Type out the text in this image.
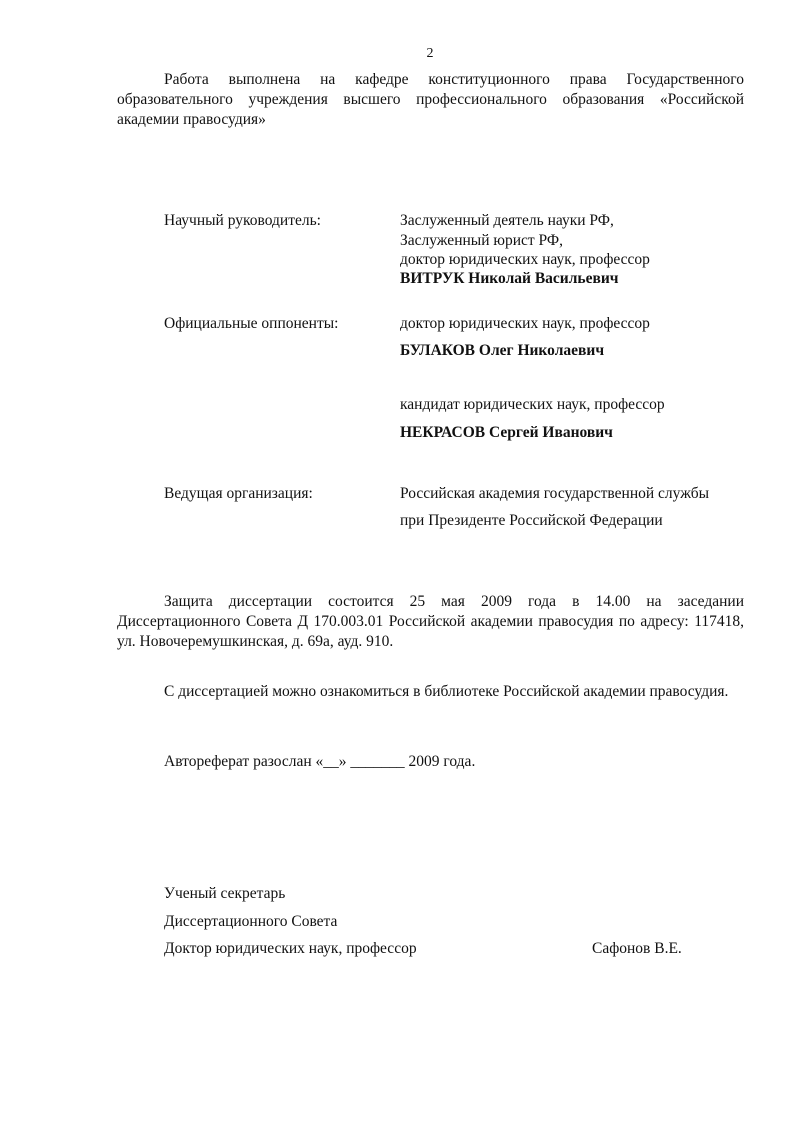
2
Работа выполнена на кафедре конституционного права Государственного образовательного учреждения высшего профессионального образования «Российской академии правосудия»
Научный руководитель:	Заслуженный деятель науки РФ,
Заслуженный юрист РФ,
доктор юридических наук, профессор
ВИТРУК Николай Васильевич
Официальные оппоненты:	доктор юридических наук, профессор
БУЛАКОВ Олег Николаевич
кандидат юридических наук, профессор
НЕКРАСОВ Сергей Иванович
Ведущая организация:	Российская академия государственной службы
при Президенте Российской Федерации
Защита диссертации состоится 25 мая 2009 года в 14.00 на заседании Диссертационного Совета Д 170.003.01 Российской академии правосудия по адресу: 117418, ул. Новочеремушкинская, д. 69а, ауд. 910.
С диссертацией можно ознакомиться в библиотеке Российской академии правосудия.
Автореферат разослан «__» _______ 2009 года.
Ученый секретарь
Диссертационного Совета
Доктор юридических наук, профессор	Сафонов В.Е.
